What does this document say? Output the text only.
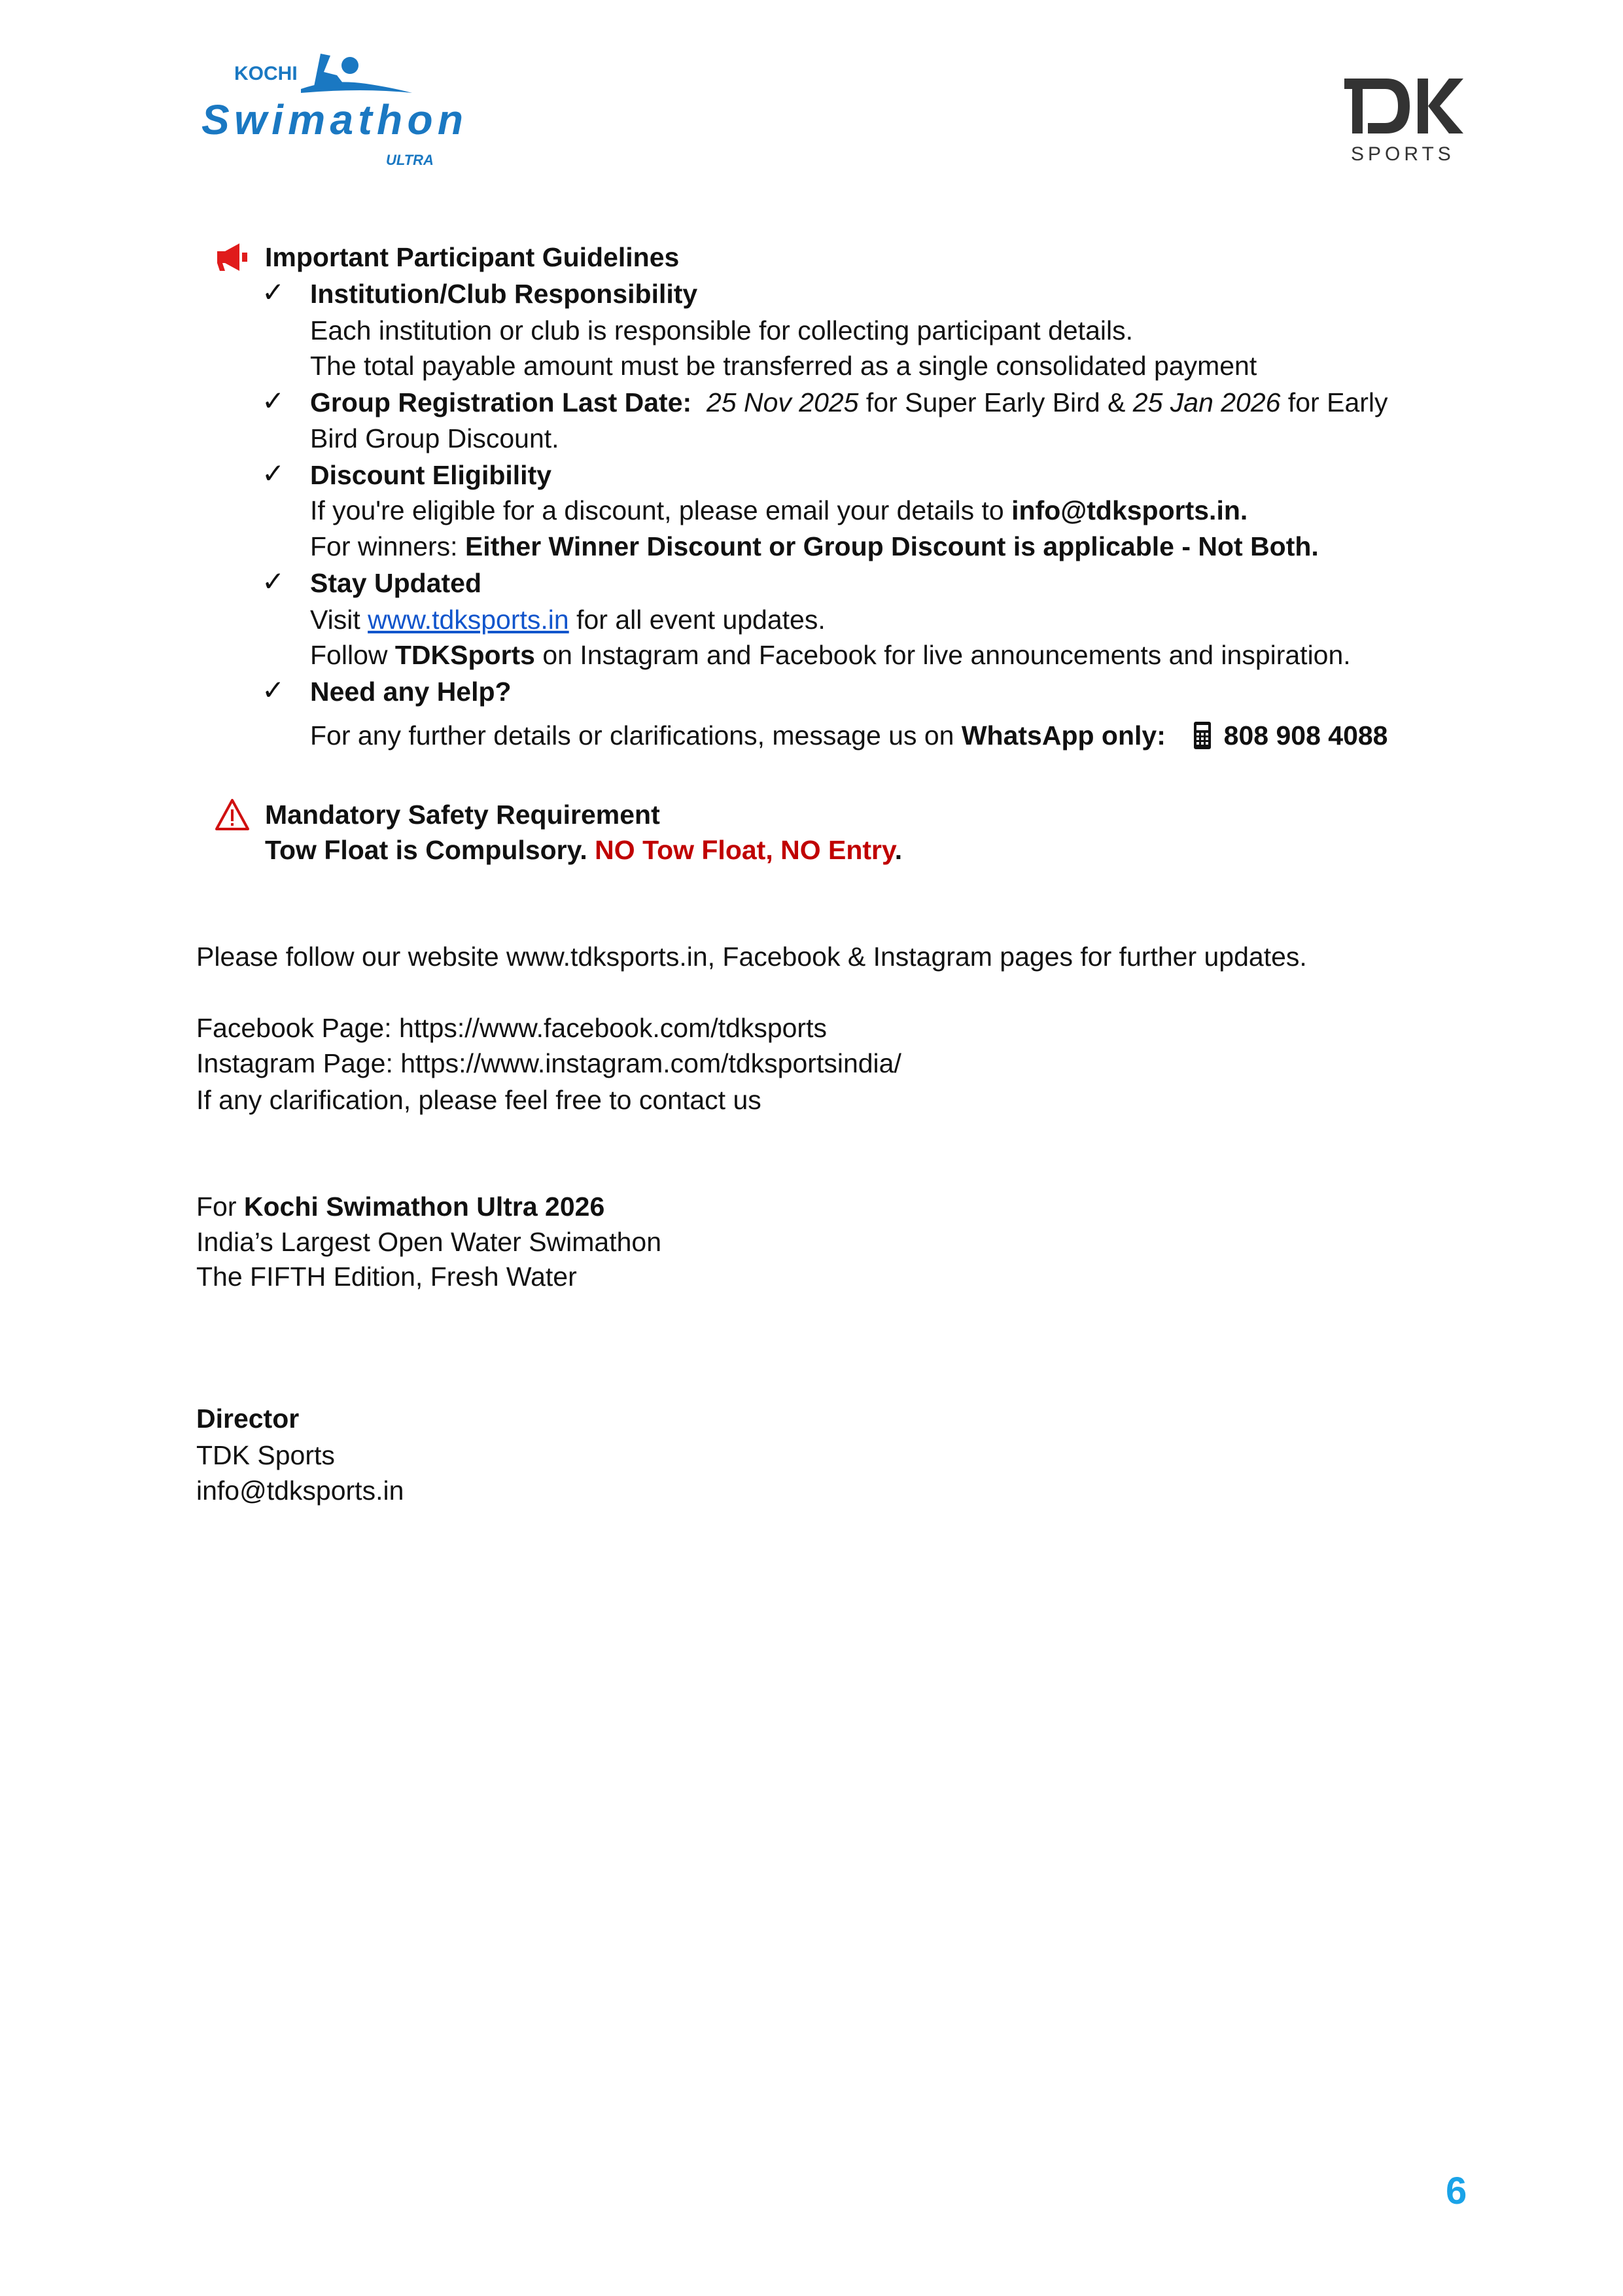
KOCHI
Swimathon
ULTRA	SPORTS
Important Participant Guidelines
✓ Institution/Club Responsibility
Each institution or club is responsible for collecting participant details.
The total payable amount must be transferred as a single consolidated payment
✓ Group Registration Last Date: 25 Nov 2025 for Super Early Bird & 25 Jan 2026 for Early
Bird Group Discount.
✓ Discount Eligibility
If you're eligible for a discount, please email your details to info@tdksports.in.
For winners: Either Winner Discount or Group Discount is applicable - Not Both.
✓ Stay Updated
Visit www.tdksports.in for all event updates.
Follow TDKSports on Instagram and Facebook for live announcements and inspiration.
✓ Need any Help?
For any further details or clarifications, message us on WhatsApp only: 808 908 4088
Mandatory Safety Requirement
Tow Float is Compulsory. NO Tow Float, NO Entry.
Please follow our website www.tdksports.in, Facebook & Instagram pages for further updates.
Facebook Page: https://www.facebook.com/tdksports
Instagram Page: https://www.instagram.com/tdksportsindia/
If any clarification, please feel free to contact us
For Kochi Swimathon Ultra 2026
India’s Largest Open Water Swimathon
The FIFTH Edition, Fresh Water
Director
TDK Sports
info@tdksports.in
6
